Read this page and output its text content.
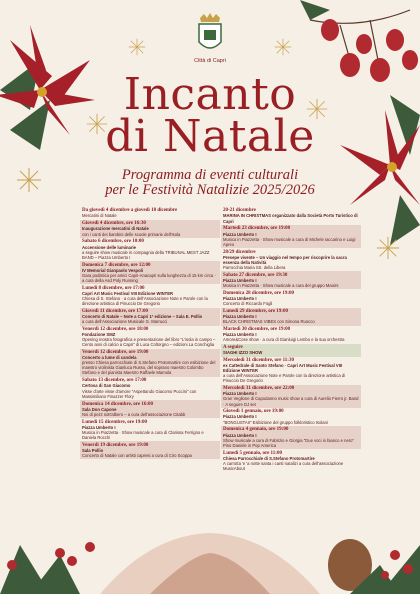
Città di Capri
Incanto
di Natale
Programma di eventi culturali
per le Festività Natalizie 2025/2026
Da giovedì 4 dicembre a giovedì 18 dicembre
Mercatini di Natale
Giovedì 4 dicembre, ore 16:30
Inaugurazione mercatini di Natale
con i canti dei bambini delle scuole primarie dell'Isola
Sabato 6 dicembre, ore 10:00
Accensione delle luminarie
a seguire show musicale in compagnia della TRIBUNAL MEST JAZZ BAND – Piazza Umberto I
Domenica 7 dicembre, ore 12:00
IV Memorial Gianpaolo Vespoli
Gara podistica per amici Capri-Anacapri sulla lunghezza di 15 km circa · a cura della Asd Poly Running
Lunedì 8 dicembre, ore 17:00
Capri Art Music Festival VIII Edizione WINTER
Chiesa di S. Stefano · a cura dell'Associazione Note e Parole con la direzione artistica di Pinuccio De Gregorio
Giovedì 11 dicembre, ore 17:00
Concerto di Natale – Note a Capri 1ª edizione – Sala E. Pollio
a cura dell'Associazione Musicale G. Marrucci
Venerdì 12 dicembre, ore 18:00
Fondazione SMZ
Opening mostra fotografica e presentazione del libro "L'isola in campo – Cento anni di calcio a Capri" di Luca Coltorgno – edizioni La Conchiglia
Venerdì 12 dicembre, ore 19:00
Concerto a lume di candela
presso Chiesa parrocchiale di S.Stefano Protomartire con esibizione del maestro violinista Gianluca Russo, del soprano maestro Colombo Stefano e del pianista Maestro Raffaele Mamola
Sabato 13 dicembre, ore 17:00
Certosa di San Giacomo
Visse d'arte visse d'amore "Aspettando Giacomo Puccini" con Massimiliano Finazzer Flory
Domenica 14 dicembre, ore 16:00
Sala Don Capone
Noi di pezz sott'albero – a cura dell'associazione Citabb
Lunedì 15 dicembre, ore 19:00
Piazza Umberto I
Musica in Piazzetta · Show musicale a cura di Clarissa Ferrigno e Daniela Rocchi
Venerdì 19 dicembre, ore 19:00
Sala Pollio
Concerto di Natale con artisti capresi a cura di Ciro Scoppa
20-21 dicembre
MARINA IN CHRISTMAS organizzato dalla Società Porto Turistico di Capri
Martedì 23 dicembre, ore 19:00
Piazza Umberto I
Musica in Piazzetta · Show musicale a cura di Michele Iaccarino e Luigi Apreo
28/29 dicembre
Presepe vivente – Un viaggio nel tempo per riscoprire la sacra essenza della Natività
Parrocchia Maria SS. della Libera
Sabato 27 dicembre, ore 19:30
Piazza Umberto I
Musica in Piazzetta · Show musicale a cura del gruppo Maoirs
Domenica 28 dicembre, ore 19:00
Piazza Umberto I
Concerto di Riccardo Fogli
Lunedì 29 dicembre, ore 19:00
Piazza Umberto I
BLACK CHRISTMAS VIBES con Simona Ruocco
Martedì 30 dicembre, ore 19:00
Piazza Umberto I
Amore&Cose show · a cura di Gianluigi Lembo e la sua orchestra
A seguire
SIAGHI IZZO SHOW
Mercoledì 31 dicembre, ore 11:30
ex Cattedrale di Santo Stefano · Capri Art Music Festival VIII Edizione WINTER
a cura dell'Associazione Note e Parole con la direzione artistica di Pinuccio De Gregorio
Mercoledì 31 dicembre, ore 22:00
Piazza Umberto I
Gran Veglione di Capodanno music show a cura di Aurelio Fierro jr. Band · A seguire DJ set
Giovedì 1 gennaio, ore 19:00
Piazza Umberto I
"BONGUSTAII" Esibizione del gruppo folkloristico Isolani
Domenica 4 gennaio, ore 19:00
Piazza Umberto I
Show musicale a cura di Fabrizio e Giorgia "Due voci in bianco e nero" Pino Daniele in Pop America
Lunedì 5 gennaio, ore 11:00
Chiesa Parrocchiale di S.Stefano Protomartire
A carrotta 'e 'a notte santa i canti natalizi a cura dell'associazione MusicAbout
